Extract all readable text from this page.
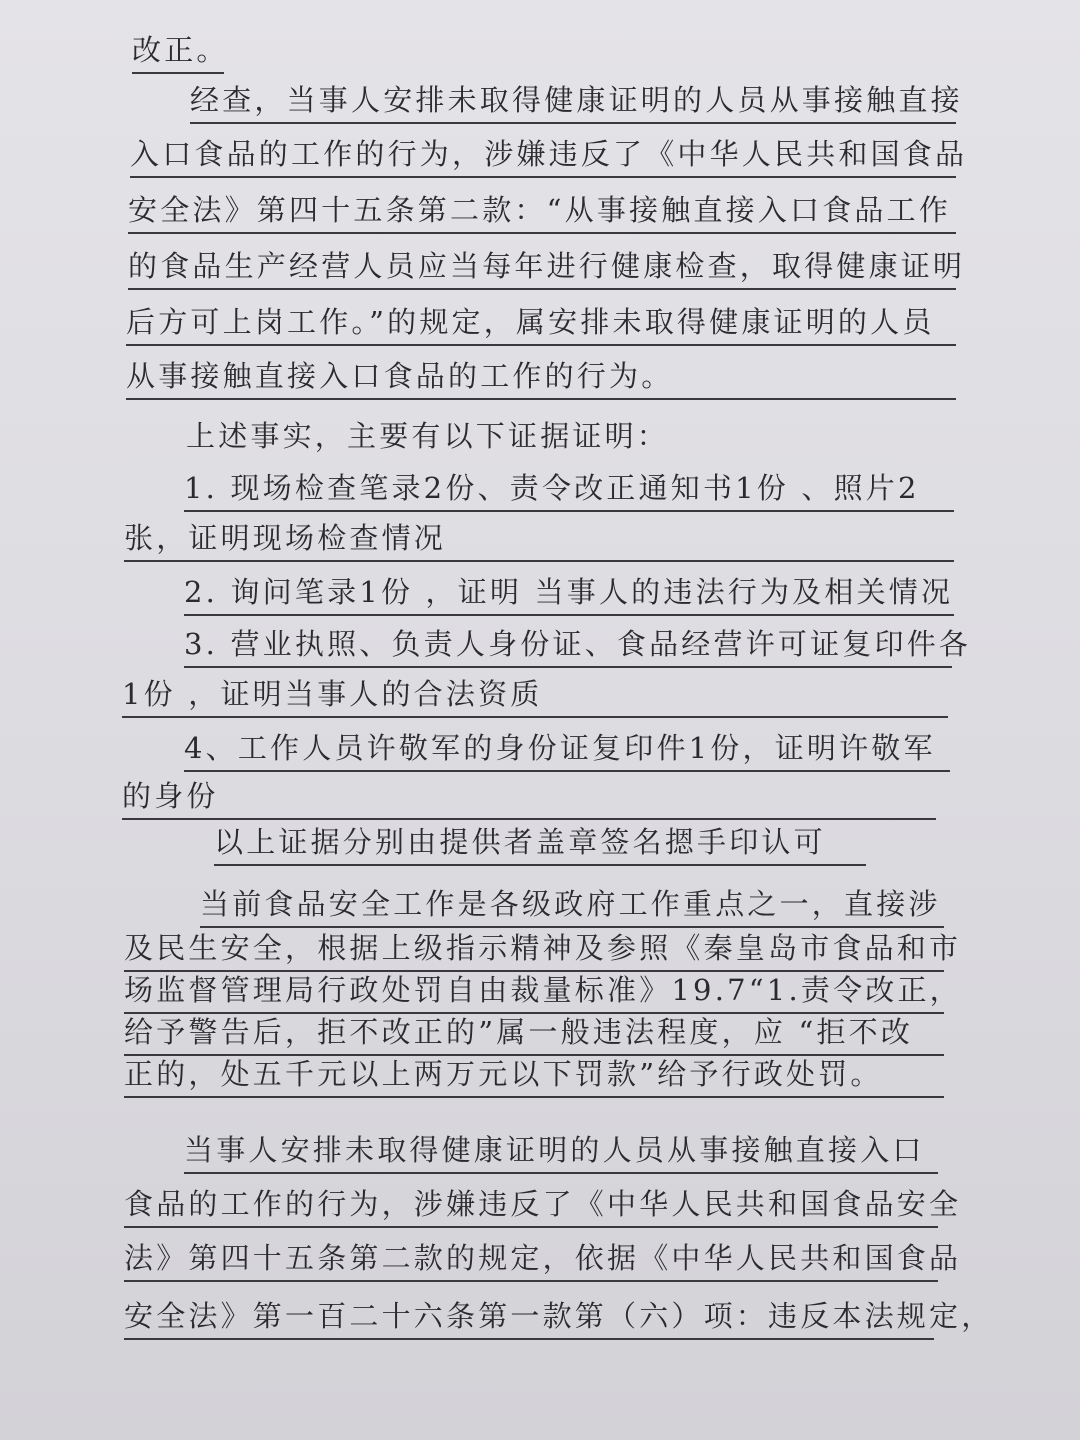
改正。
经查，当事人安排未取得健康证明的人员从事接触直接
入口食品的工作的行为，涉嫌违反了《中华人民共和国食品
安全法》第四十五条第二款：“从事接触直接入口食品工作
的食品生产经营人员应当每年进行健康检查，取得健康证明
后方可上岗工作。”的规定，属安排未取得健康证明的人员
从事接触直接入口食品的工作的行为。
上述事实，主要有以下证据证明：
1. 现场检查笔录2份、责令改正通知书1份 、照片2
张，证明现场检查情况
2. 询问笔录1份 ，证明 当事人的违法行为及相关情况
3. 营业执照、负责人身份证、食品经营许可证复印件各
1份 ，证明当事人的合法资质
4、工作人员许敬军的身份证复印件1份，证明许敬军
的身份
以上证据分别由提供者盖章签名摁手印认可
当前食品安全工作是各级政府工作重点之一，直接涉
及民生安全，根据上级指示精神及参照《秦皇岛市食品和市
场监督管理局行政处罚自由裁量标准》19.7“1.责令改正，
给予警告后，拒不改正的”属一般违法程度，应 “拒不改
正的，处五千元以上两万元以下罚款”给予行政处罚。
当事人安排未取得健康证明的人员从事接触直接入口
食品的工作的行为，涉嫌违反了《中华人民共和国食品安全
法》第四十五条第二款的规定，依据《中华人民共和国食品
安全法》第一百二十六条第一款第（六）项：违反本法规定，
